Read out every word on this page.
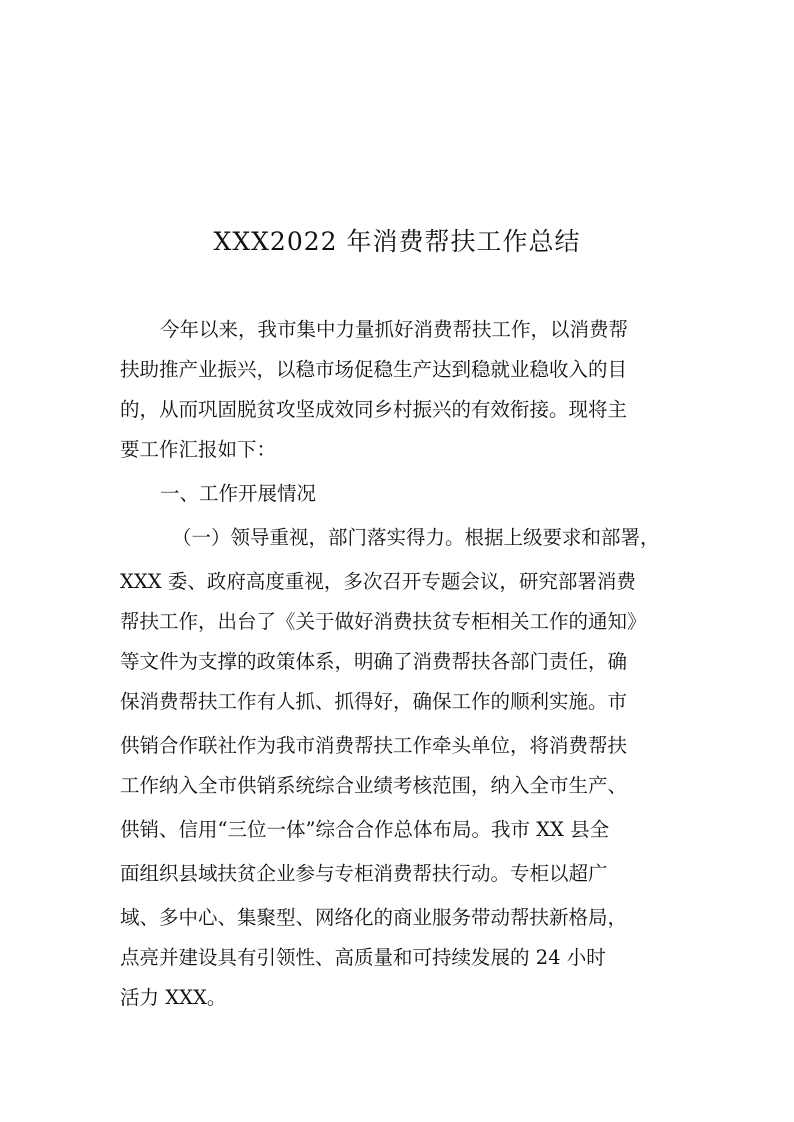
XXX2022 年消费帮扶工作总结
今年以来，我市集中力量抓好消费帮扶工作，以消费帮
扶助推产业振兴，以稳市场促稳生产达到稳就业稳收入的目
的，从而巩固脱贫攻坚成效同乡村振兴的有效衔接。现将主
要工作汇报如下：
一、工作开展情况
（一）领导重视，部门落实得力。根据上级要求和部署，
XXX 委、政府高度重视，多次召开专题会议，研究部署消费
帮扶工作，出台了《关于做好消费扶贫专柜相关工作的通知》
等文件为支撑的政策体系，明确了消费帮扶各部门责任，确
保消费帮扶工作有人抓、抓得好，确保工作的顺利实施。市
供销合作联社作为我市消费帮扶工作牵头单位，将消费帮扶
工作纳入全市供销系统综合业绩考核范围，纳入全市生产、
供销、信用“三位一体”综合合作总体布局。我市 XX 县全
面组织县域扶贫企业参与专柜消费帮扶行动。专柜以超广
域、多中心、集聚型、网络化的商业服务带动帮扶新格局，
点亮并建设具有引领性、高质量和可持续发展的 24 小时
活力 XXX。
